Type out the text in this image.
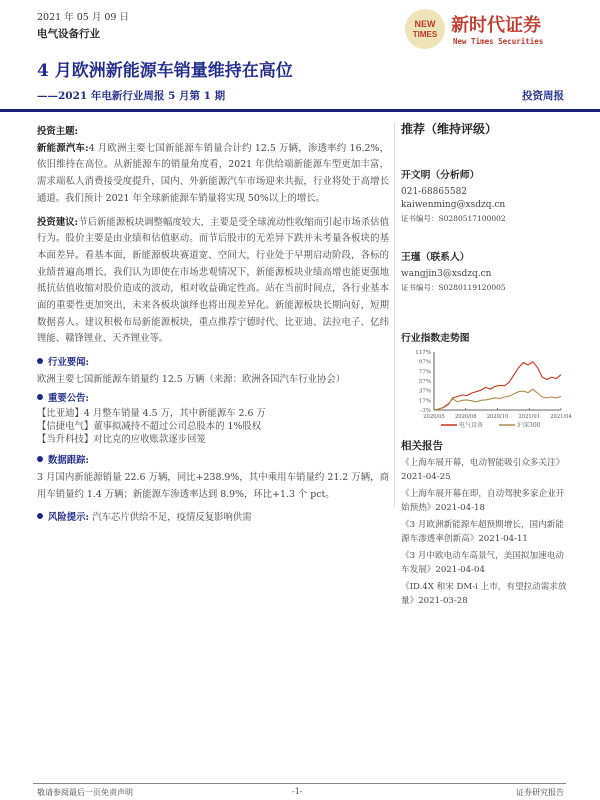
2021 年 05 月 09 日
电气设备行业
NEW
TIMES 新时代证券
New Times Securities
4 月欧洲新能源车销量维持在高位
——2021 年电新行业周报 5 月第 1 期	投资周报
投资主题:

新能源汽车:4 月欧洲主要七国新能源车销量合计约 12.5 万辆，渗透率约 16.2%，依旧维持在高位。从新能源车的销量角度看，2021 年供给端新能源车型更加丰富，需求端私人消费接受度提升，国内、外新能源汽车市场迎来共振，行业将处于高增长通道。我们预计 2021 年全球新能源车销量将实现 50%以上的增长。

投资建议:节后新能源板块调整幅度较大，主要是受全球流动性收缩而引起市场杀估值行为。股价主要是由业绩和估值驱动。而节后股市的无差异下跌并未考量各板块的基本面差异。看基本面，新能源板块赛道宽、空间大，行业处于早期启动阶段，各标的业绩普遍高增长，我们认为即使在市场悲观情况下，新能源板块业绩高增也能更强地抵抗估值收缩对股价造成的波动，相对收益确定性高。站在当前时间点，各行业基本面的重要性更加突出，未来各板块演绎也将出现差异化。新能源板块长期向好，短期数据喜人。建议积极布局新能源板块，重点推荐宁德时代、比亚迪、法拉电子、亿纬锂能、赣锋锂业、天齐锂业等。

行业要闻:
欧洲主要七国新能源车销量约 12.5 万辆（来源：欧洲各国汽车行业协会）
重要公告:
【比亚迪】4 月整车销量 4.5 万，其中新能源车 2.6 万
【信捷电气】董事拟减持不超过公司总股本的 1%股权
【当升科技】对比克的应收账款逐步回笼
数据跟踪:

3 月国内新能源销量 22.6 万辆，同比+238.9%，其中乘用车销量约 21.2 万辆，商用车销量约 1.4 万辆；新能源车渗透率达到 8.9%，环比+1.3 个 pct。

风险提示: 汽车芯片供给不足，疫情反复影响供需
推荐（维持评级）
开文明（分析师）
021-68865582
kaiwenming@xsdzq.cn
证书编号：S0280517100002
王瑾（联系人）
wangjin3@xsdzq.cn
证书编号：S0280119120005
行业指数走势图
117%
97%
77%
57%
37%
17%
-3%
2020/05 2020/08 2020/10 2021/01 2021/04
电气设备	沪深300
相关报告
《上海车展开幕，电动智能吸引众多关注》2021-04-25
《上海车展开幕在即，自动驾驶多家企业开始预热》2021-04-18
《3 月欧洲新能源车超预期增长，国内新能源车渗透率创新高》2021-04-11
《3 月中欧电动车高景气，美国拟加速电动车发展》2021-04-04
《ID.4X 和宋 DM-i 上市，有望拉动需求放量》2021-03-28
敬请参阅最后一页免责声明	-1-	证券研究报告
